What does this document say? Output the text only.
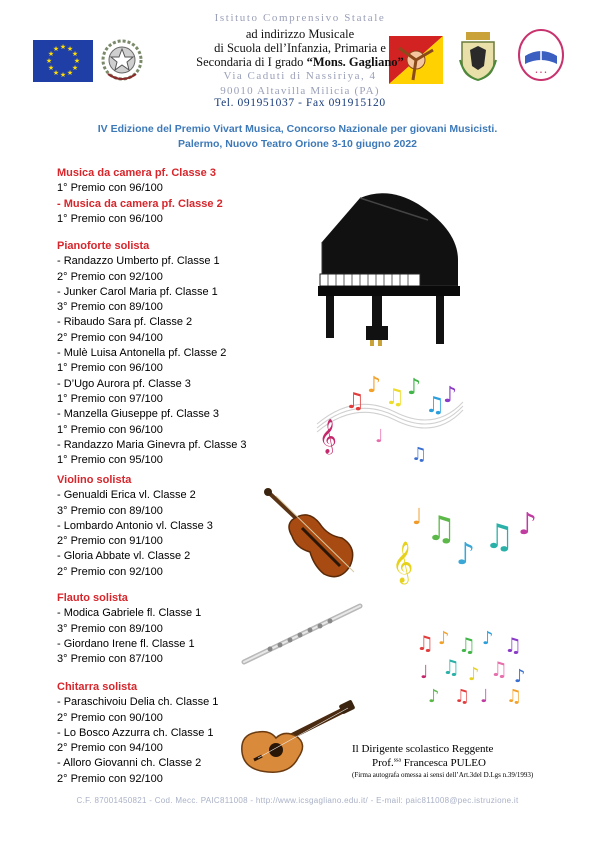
★ ★
★
★
★
★
★
★
★
★
★
★
• • •
Istituto Comprensivo Statale
ad indirizzo Musicale
di Scuola dell’Infanzia, Primaria e
Secondaria di I grado “Mons. Gagliano”
Via Caduti di Nassiriya, 4
90010 Altavilla Milicia (PA)
Tel. 091951037 - Fax 091915120
IV Edizione del Premio Vivart Musica, Concorso Nazionale per giovani Musicisti.
Palermo, Nuovo Teatro Orione 3-10 giugno 2022
Musica da camera pf. Classe 3
1° Premio con 96/100
- Musica da camera pf. Classe 2
1° Premio con 96/100
Pianoforte solista
- Randazzo Umberto pf. Classe 1
2° Premio con 92/100
- Junker Carol Maria pf. Classe 1
3° Premio con 89/100
- Ribaudo Sara pf. Classe 2
2° Premio con 94/100
- Mulè Luisa Antonella pf. Classe 2
1° Premio con 96/100
- D’Ugo Aurora pf. Classe 3
1° Premio con 97/100
- Manzella Giuseppe pf. Classe 3
1° Premio con 96/100
- Randazzo Maria Ginevra pf. Classe 3
1° Premio con 95/100
Violino solista
- Genualdi Erica vl. Classe 2
3° Premio con 89/100
- Lombardo Antonio vl. Classe 3
2° Premio con 91/100
- Gloria Abbate vl. Classe 2
2° Premio con 92/100
Flauto solista
- Modica Gabriele fl. Classe 1
3° Premio con 89/100
- Giordano Irene fl. Classe 1
3° Premio con 87/100
Chitarra solista
- Paraschivoiu Delia ch. Classe 1
2° Premio con 90/100
- Lo Bosco Azzurra ch. Classe 1
2° Premio con 94/100
- Alloro Giovanni ch. Classe 2
2° Premio con 92/100
𝄞
♫
♪ ♫ ♪
♫
♪
♩
♫
𝄞
♫
♪ ♫ ♪
♩
♫ ♪ ♫ ♪ ♫
♩ ♫ ♪ ♫ ♪
♪ ♫ ♩ ♫
Il Dirigente scolastico Reggente
Prof.$^{ssa}$ Francesca PULEO
(Firma autografa omessa ai sensi dell’Art.3del D.Lgs n.39/1993)
C.F. 87001450821 - Cod. Mecc. PAIC811008 - http://www.icsgagliano.edu.it/ - E-mail: paic811008@pec.istruzione.it
